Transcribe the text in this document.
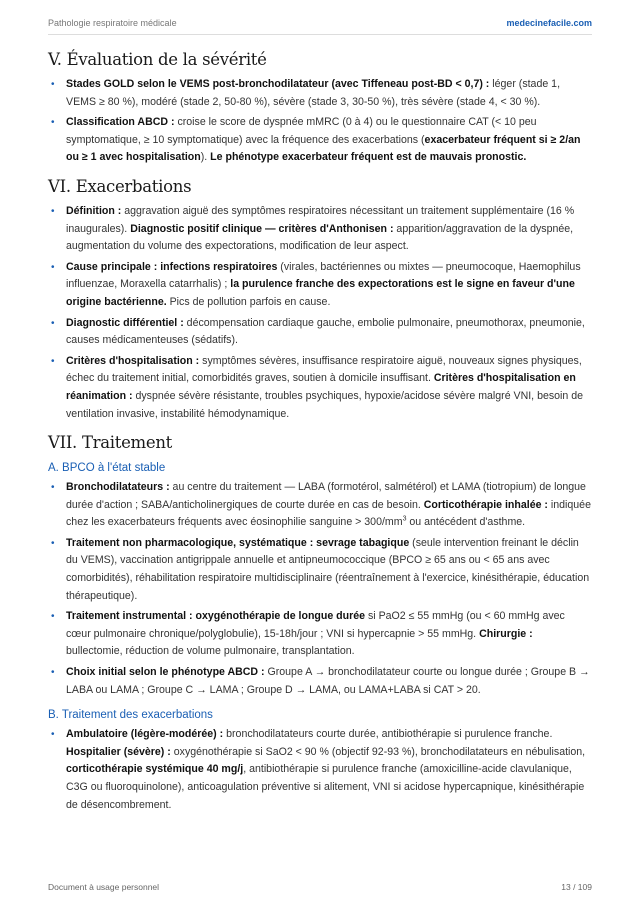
Pathologie respiratoire médicale	medecinefacile.com
V. Évaluation de la sévérité
• Stades GOLD selon le VEMS post-bronchodilatateur (avec Tiffeneau post-BD < 0,7) : léger (stade 1, VEMS ≥ 80 %), modéré (stade 2, 50-80 %), sévère (stade 3, 30-50 %), très sévère (stade 4, < 30 %).
• Classification ABCD : croise le score de dyspnée mMRC (0 à 4) ou le questionnaire CAT (< 10 peu symptomatique, ≥ 10 symptomatique) avec la fréquence des exacerbations (exacerbateur fréquent si ≥ 2/an ou ≥ 1 avec hospitalisation). Le phénotype exacerbateur fréquent est de mauvais pronostic.
VI. Exacerbations
• Définition : aggravation aiguë des symptômes respiratoires nécessitant un traitement supplémentaire (16 % inaugurales). Diagnostic positif clinique — critères d'Anthonisen : apparition/aggravation de la dyspnée, augmentation du volume des expectorations, modification de leur aspect.
• Cause principale : infections respiratoires (virales, bactériennes ou mixtes — pneumocoque, Haemophilus influenzae, Moraxella catarrhalis) ; la purulence franche des expectorations est le signe en faveur d'une origine bactérienne. Pics de pollution parfois en cause.
• Diagnostic différentiel : décompensation cardiaque gauche, embolie pulmonaire, pneumothorax, pneumonie, causes médicamenteuses (sédatifs).
• Critères d'hospitalisation : symptômes sévères, insuffisance respiratoire aiguë, nouveaux signes physiques, échec du traitement initial, comorbidités graves, soutien à domicile insuffisant. Critères d'hospitalisation en réanimation : dyspnée sévère résistante, troubles psychiques, hypoxie/acidose sévère malgré VNI, besoin de ventilation invasive, instabilité hémodynamique.
VII. Traitement
A. BPCO à l'état stable
• Bronchodilatateurs : au centre du traitement — LABA (formotérol, salmétérol) et LAMA (tiotropium) de longue durée d'action ; SABA/anticholinergiques de courte durée en cas de besoin. Corticothérapie inhalée : indiquée chez les exacerbateurs fréquents avec éosinophilie sanguine > $300/mm^3$ ou antécédent d'asthme.
• Traitement non pharmacologique, systématique : sevrage tabagique (seule intervention freinant le déclin du VEMS), vaccination antigrippale annuelle et antipneumococcique (BPCO ≥ 65 ans ou < 65 ans avec comorbidités), réhabilitation respiratoire multidisciplinaire (réentraînement à l'exercice, kinésithérapie, éducation thérapeutique).
• Traitement instrumental : oxygénothérapie de longue durée si PaO2 ≤ 55 mmHg (ou < 60 mmHg avec cœur pulmonaire chronique/polyglobulie), 15-18h/jour ; VNI si hypercapnie > 55 mmHg. Chirurgie : bullectomie, réduction de volume pulmonaire, transplantation.
• Choix initial selon le phénotype ABCD : Groupe A → bronchodilatateur courte ou longue durée ; Groupe B → LABA ou LAMA ; Groupe C → LAMA ; Groupe D → LAMA, ou LAMA+LABA si CAT > 20.
B. Traitement des exacerbations
• Ambulatoire (légère-modérée) : bronchodilatateurs courte durée, antibiothérapie si purulence franche. Hospitalier (sévère) : oxygénothérapie si SaO2 < 90 % (objectif 92-93 %), bronchodilatateurs en nébulisation, corticothérapie systémique 40 mg/j, antibiothérapie si purulence franche (amoxicilline-acide clavulanique, C3G ou fluoroquinolone), anticoagulation préventive si alitement, VNI si acidose hypercapnique, kinésithérapie de désencombrement.
Document à usage personnel	13 / 109
